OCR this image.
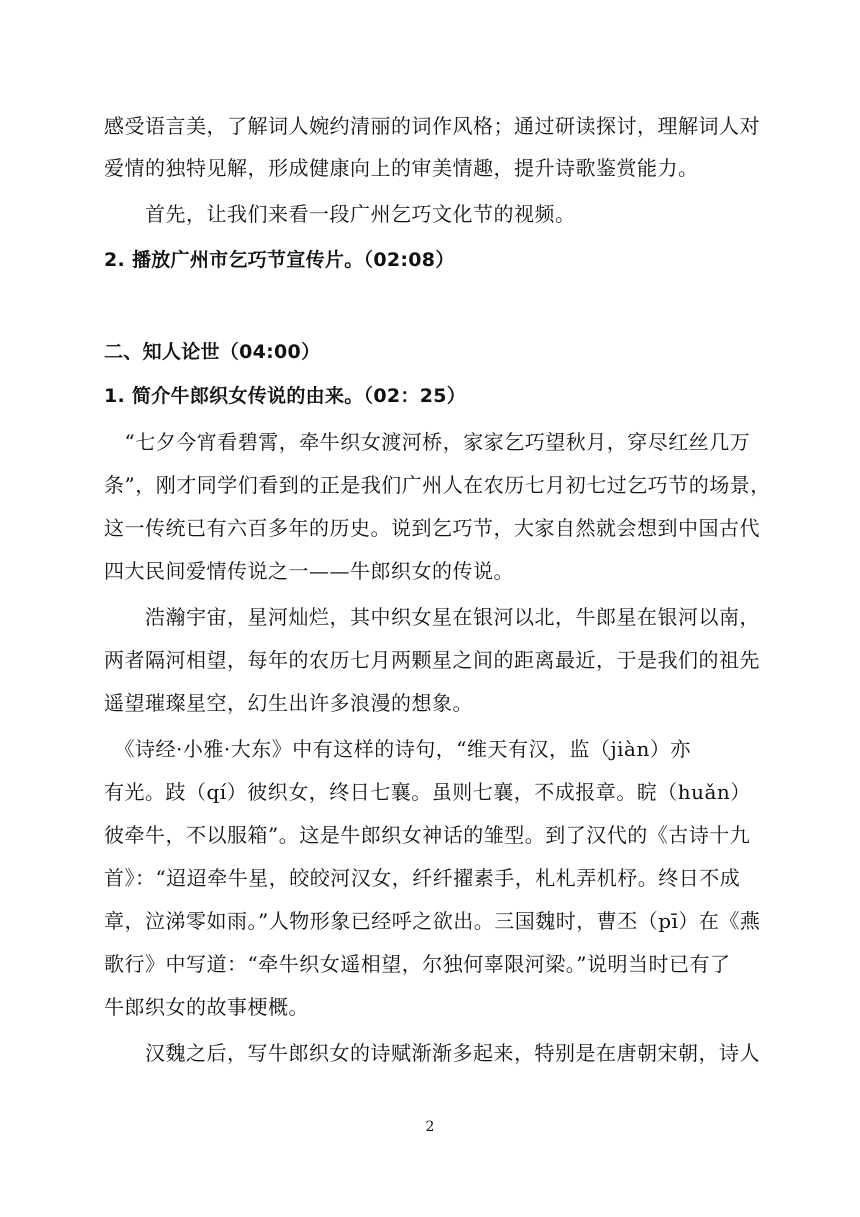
感受语言美，了解词人婉约清丽的词作风格；通过研读探讨，理解词人对
爱情的独特见解，形成健康向上的审美情趣，提升诗歌鉴赏能力。
　　首先，让我们来看一段广州乞巧文化节的视频。
2. 播放广州市乞巧节宣传片。（02:08）
二、知人论世（04:00）
1. 简介牛郎织女传说的由来。（02：25）
　“七夕今宵看碧霄，牵牛织女渡河桥，家家乞巧望秋月，穿尽红丝几万
条”，刚才同学们看到的正是我们广州人在农历七月初七过乞巧节的场景，
这一传统已有六百多年的历史。说到乞巧节，大家自然就会想到中国古代
四大民间爱情传说之一——牛郎织女的传说。
　　浩瀚宇宙，星河灿烂，其中织女星在银河以北，牛郎星在银河以南，
两者隔河相望，每年的农历七月两颗星之间的距离最近，于是我们的祖先
遥望璀璨星空，幻生出许多浪漫的想象。
　《诗经·小雅·大东》中有这样的诗句，“维天有汉，监（jiàn）亦
有光。跂（qí）彼织女，终日七襄。虽则七襄，不成报章。睆（huǎn）
彼牵牛，不以服箱”。这是牛郎织女神话的雏型。到了汉代的《古诗十九
首》：“迢迢牵牛星，皎皎河汉女，纤纤擢素手，札札弄机杼。终日不成
章，泣涕零如雨。”人物形象已经呼之欲出。三国魏时，曹丕（pī）在《燕
歌行》中写道：“牵牛织女遥相望，尔独何辜限河梁。”说明当时已有了
牛郎织女的故事梗概。
　　汉魏之后，写牛郎织女的诗赋渐渐多起来，特别是在唐朝宋朝，诗人
2
